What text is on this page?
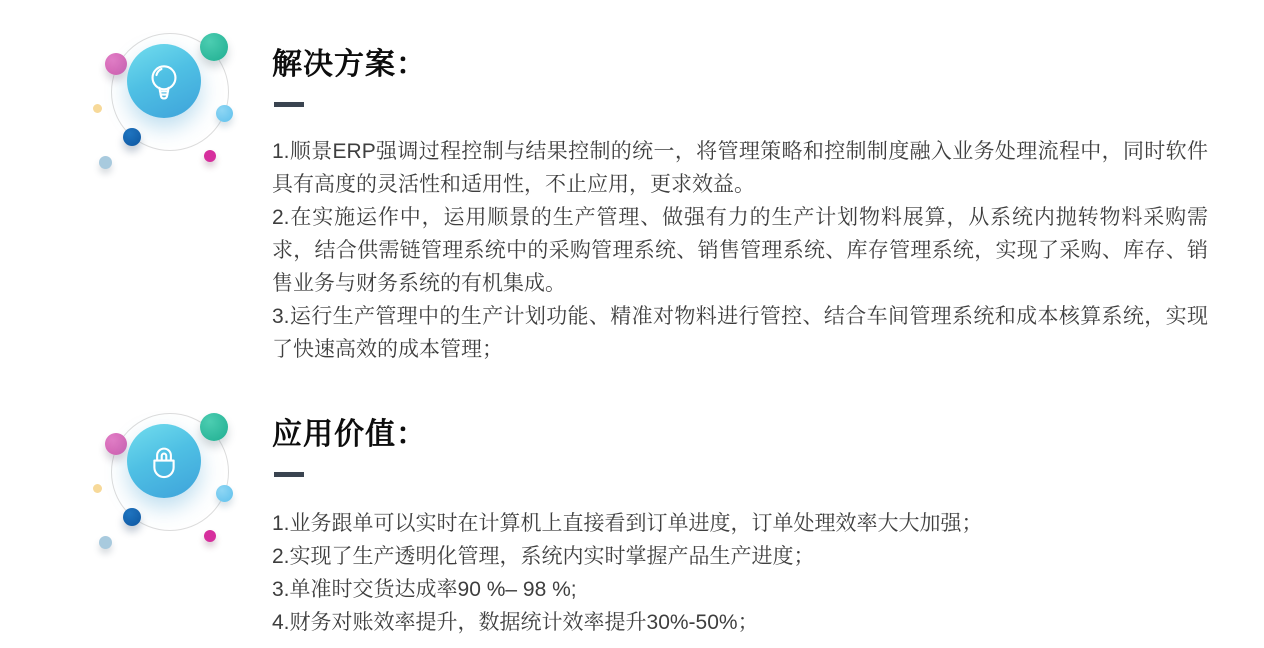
解决方案：

1.顺景ERP强调过程控制与结果控制的统一，将管理策略和控制制度融入业务处理流程中，同时软件具有高度的灵活性和适用性，不止应用，更求效益。

2.在实施运作中，运用顺景的生产管理、做强有力的生产计划物料展算，从系统内抛转物料采购需求，结合供需链管理系统中的采购管理系统、销售管理系统、库存管理系统，实现了采购、库存、销售业务与财务系统的有机集成。

3.运行生产管理中的生产计划功能、精准对物料进行管控、结合车间管理系统和成本核算系统，实现了快速高效的成本管理；

应用价值：

1.业务跟单可以实时在计算机上直接看到订单进度，订单处理效率大大加强；

2.实现了生产透明化管理，系统内实时掌握产品生产进度；

3.单准时交货达成率90 %– 98 %;

4.财务对账效率提升，数据统计效率提升30%-50%；
